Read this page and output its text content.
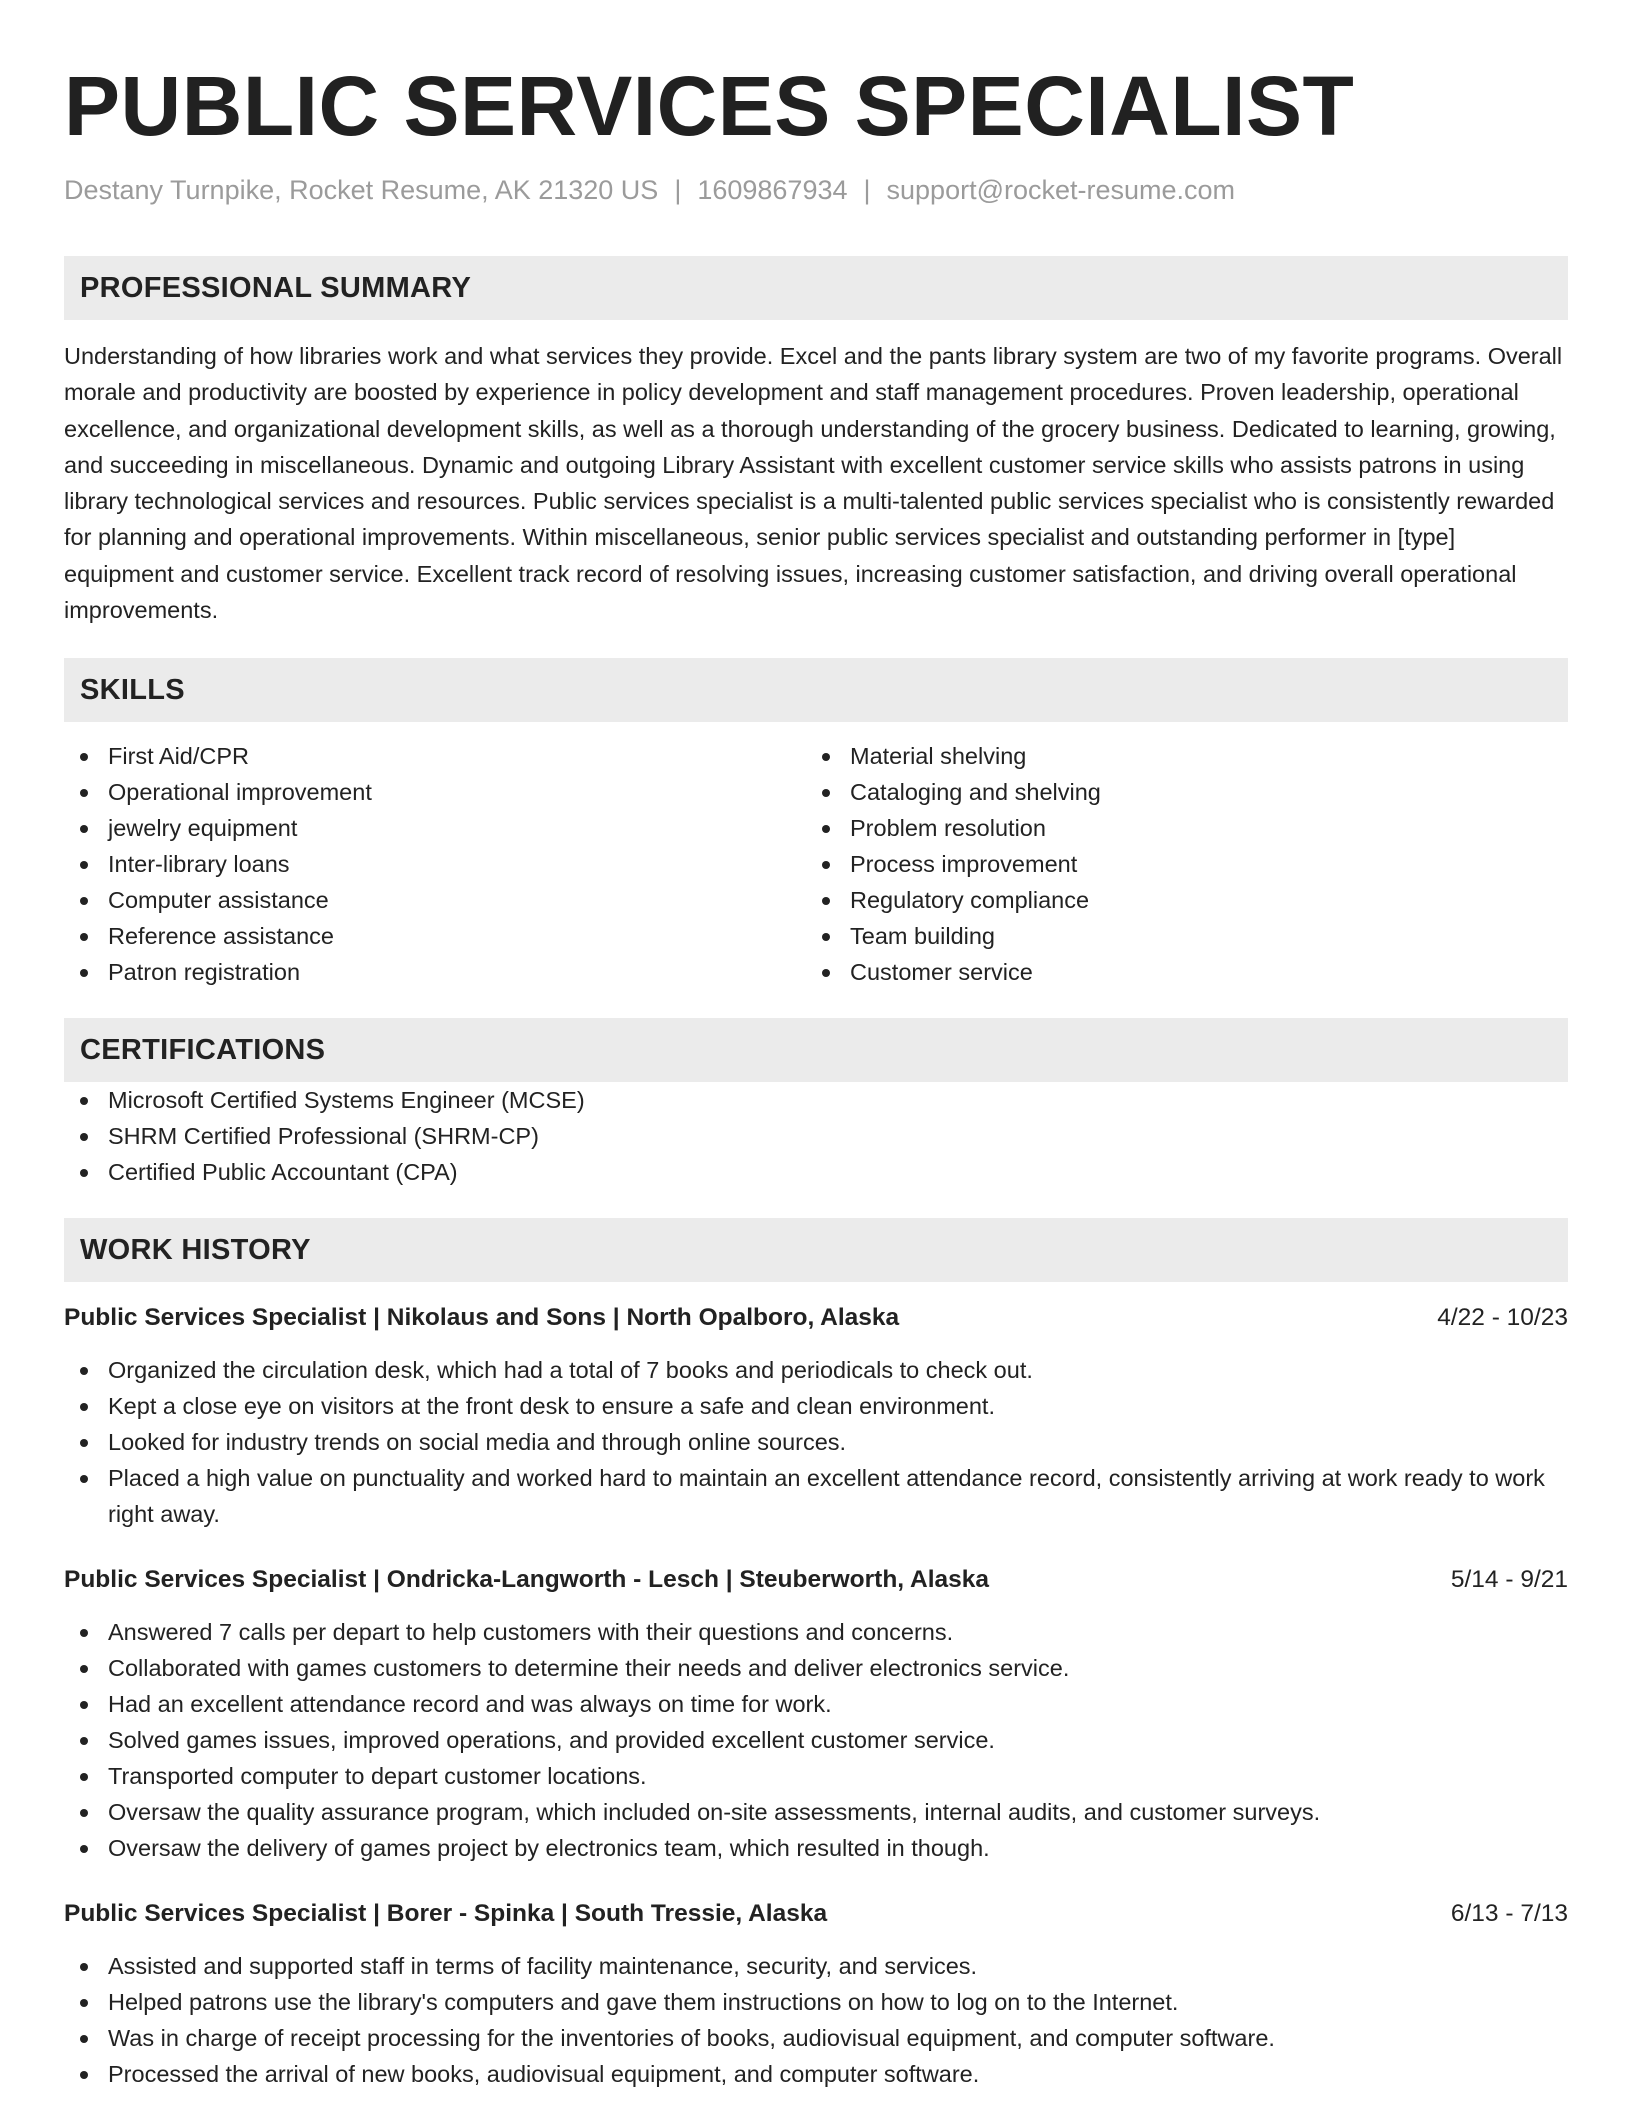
PUBLIC SERVICES SPECIALIST
Destany Turnpike, Rocket Resume, AK 21320 US | 1609867934 | support@rocket-resume.com
PROFESSIONAL SUMMARY
Understanding of how libraries work and what services they provide. Excel and the pants library system are two of my favorite programs. Overall morale and productivity are boosted by experience in policy development and staff management procedures. Proven leadership, operational excellence, and organizational development skills, as well as a thorough understanding of the grocery business. Dedicated to learning, growing, and succeeding in miscellaneous. Dynamic and outgoing Library Assistant with excellent customer service skills who assists patrons in using library technological services and resources. Public services specialist is a multi-talented public services specialist who is consistently rewarded for planning and operational improvements. Within miscellaneous, senior public services specialist and outstanding performer in [type] equipment and customer service. Excellent track record of resolving issues, increasing customer satisfaction, and driving overall operational improvements.
SKILLS
First Aid/CPR
Operational improvement
jewelry equipment
Inter-library loans
Computer assistance
Reference assistance
Patron registration
Material shelving
Cataloging and shelving
Problem resolution
Process improvement
Regulatory compliance
Team building
Customer service
CERTIFICATIONS
Microsoft Certified Systems Engineer (MCSE)
SHRM Certified Professional (SHRM-CP)
Certified Public Accountant (CPA)
WORK HISTORY
Public Services Specialist | Nikolaus and Sons | North Opalboro, Alaska	4/22 - 10/23
Organized the circulation desk, which had a total of 7 books and periodicals to check out.
Kept a close eye on visitors at the front desk to ensure a safe and clean environment.
Looked for industry trends on social media and through online sources.
Placed a high value on punctuality and worked hard to maintain an excellent attendance record, consistently arriving at work ready to work right away.
Public Services Specialist | Ondricka-Langworth - Lesch | Steuberworth, Alaska	5/14 - 9/21
Answered 7 calls per depart to help customers with their questions and concerns.
Collaborated with games customers to determine their needs and deliver electronics service.
Had an excellent attendance record and was always on time for work.
Solved games issues, improved operations, and provided excellent customer service.
Transported computer to depart customer locations.
Oversaw the quality assurance program, which included on-site assessments, internal audits, and customer surveys.
Oversaw the delivery of games project by electronics team, which resulted in though.
Public Services Specialist | Borer - Spinka | South Tressie, Alaska	6/13 - 7/13
Assisted and supported staff in terms of facility maintenance, security, and services.
Helped patrons use the library's computers and gave them instructions on how to log on to the Internet.
Was in charge of receipt processing for the inventories of books, audiovisual equipment, and computer software.
Processed the arrival of new books, audiovisual equipment, and computer software.
